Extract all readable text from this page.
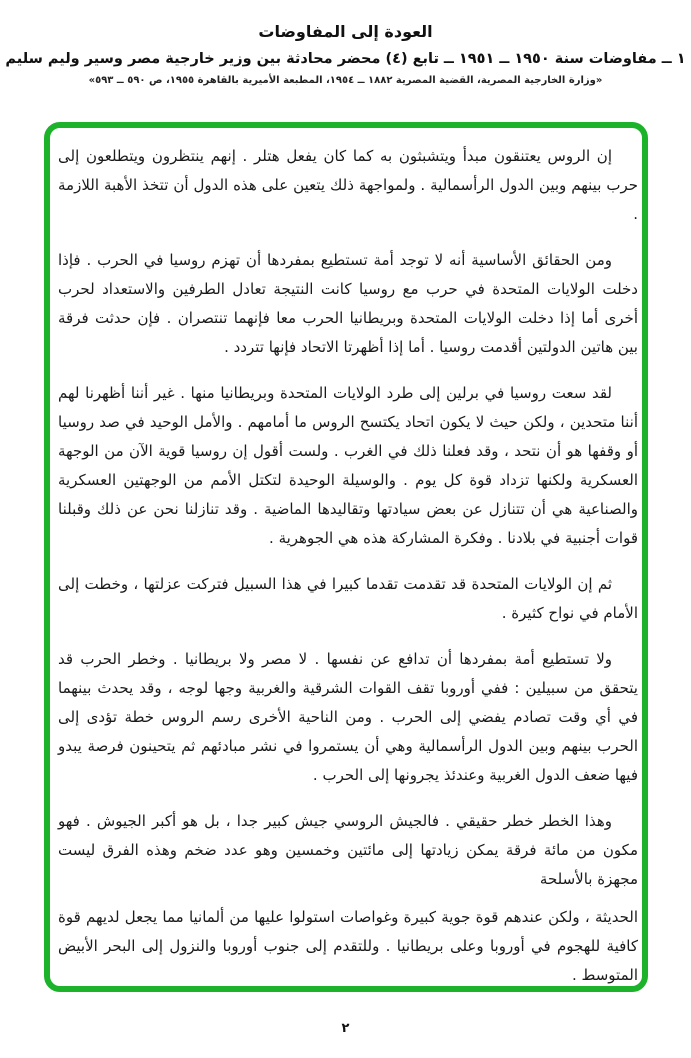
العودة إلى المفاوضات
١ ــ مفاوضات سنة ١٩٥٠ ــ ١٩٥١ ــ تابع (٤) محضر محادثة بين وزير خارجية مصر وسير وليم سليم
«وزارة الخارجية المصرية، القضية المصرية ١٨٨٢ ــ ١٩٥٤، المطبعة الأميرية بالقاهرة ١٩٥٥، ص ٥٩٠ ــ ٥٩٣»

إن الروس يعتنقون مبدأ ويتشبثون به كما كان يفعل هتلر . إنهم ينتظرون ويتطلعون إلى حرب بينهم وبين الدول الرأسمالية . ولمواجهة ذلك يتعين على هذه الدول أن تتخذ الأهبة اللازمة .

ومن الحقائق الأساسية أنه لا توجد أمة تستطيع بمفردها أن تهزم روسيا في الحرب . فإذا دخلت الولايات المتحدة في حرب مع روسيا كانت النتيجة تعادل الطرفين والاستعداد لحرب أخرى أما إذا دخلت الولايات المتحدة وبريطانيا الحرب معا فإنهما تنتصران . فإن حدثت فرقة بين هاتين الدولتين أقدمت روسيا . أما إذا أظهرتا الاتحاد فإنها تتردد .

لقد سعت روسيا في برلين إلى طرد الولايات المتحدة وبريطانيا منها . غير أننا أظهرنا لهم أننا متحدين ، ولكن حيث لا يكون اتحاد يكتسح الروس ما أمامهم . والأمل الوحيد في صد روسيا أو وقفها هو أن نتحد ، وقد فعلنا ذلك في الغرب . ولست أقول إن روسيا قوية الآن من الوجهة العسكرية ولكنها تزداد قوة كل يوم . والوسيلة الوحيدة لتكتل الأمم من الوجهتين العسكرية والصناعية هي أن تتنازل عن بعض سيادتها وتقاليدها الماضية . وقد تنازلنا نحن عن ذلك وقبلنا قوات أجنبية في بلادنا . وفكرة المشاركة هذه هي الجوهرية .

ثم إن الولايات المتحدة قد تقدمت تقدما كبيرا في هذا السبيل فتركت عزلتها ، وخطت إلى الأمام في نواح كثيرة .

ولا تستطيع أمة بمفردها أن تدافع عن نفسها . لا مصر ولا بريطانيا . وخطر الحرب قد يتحقق من سبيلين : ففي أوروبا تقف القوات الشرقية والغربية وجها لوجه ، وقد يحدث بينهما في أي وقت تصادم يفضي إلى الحرب . ومن الناحية الأخرى رسم الروس خطة تؤدى إلى الحرب بينهم وبين الدول الرأسمالية وهي أن يستمروا في نشر مبادئهم ثم يتحينون فرصة يبدو فيها ضعف الدول الغربية وعندئذ يجرونها إلى الحرب .

وهذا الخطر خطر حقيقي . فالجيش الروسي جيش كبير جدا ، بل هو أكبر الجيوش . فهو مكون من مائة فرقة يمكن زيادتها إلى مائتين وخمسين وهو عدد ضخم وهذه الفرق ليست مجهزة بالأسلحة

الحديثة ، ولكن عندهم قوة جوية كبيرة وغواصات استولوا عليها من ألمانيا مما يجعل لديهم قوة كافية للهجوم في أوروبا وعلى بريطانيا . وللتقدم إلى جنوب أوروبا والنزول إلى البحر الأبيض المتوسط .

٢
